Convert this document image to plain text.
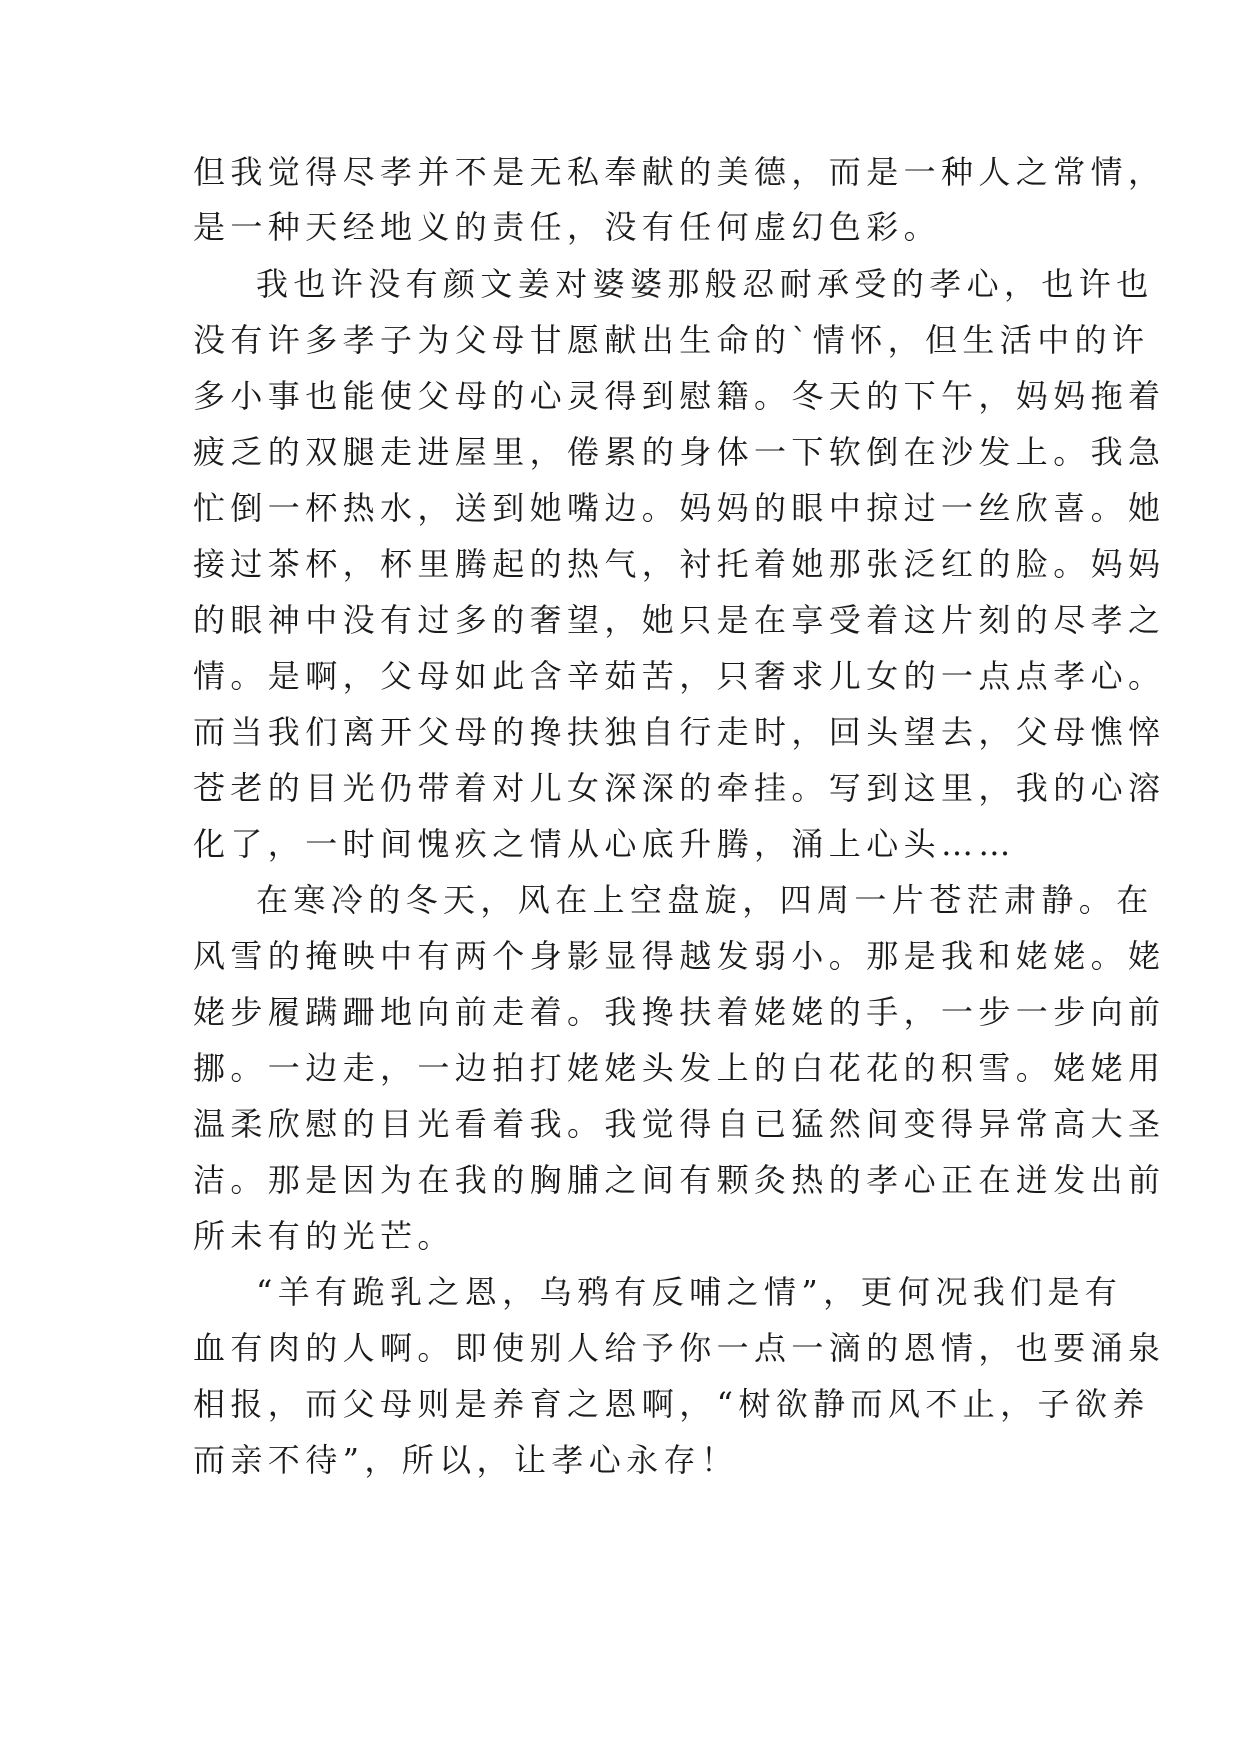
但我觉得尽孝并不是无私奉献的美德，而是一种人之常情，
是一种天经地义的责任，没有任何虚幻色彩。
我也许没有颜文姜对婆婆那般忍耐承受的孝心，也许也
没有许多孝子为父母甘愿献出生命的`情怀，但生活中的许
多小事也能使父母的心灵得到慰籍。冬天的下午，妈妈拖着
疲乏的双腿走进屋里，倦累的身体一下软倒在沙发上。我急
忙倒一杯热水，送到她嘴边。妈妈的眼中掠过一丝欣喜。她
接过茶杯，杯里腾起的热气，衬托着她那张泛红的脸。妈妈
的眼神中没有过多的奢望，她只是在享受着这片刻的尽孝之
情。是啊，父母如此含辛茹苦，只奢求儿女的一点点孝心。
而当我们离开父母的搀扶独自行走时，回头望去，父母憔悴
苍老的目光仍带着对儿女深深的牵挂。写到这里，我的心溶
化了，一时间愧疚之情从心底升腾，涌上心头……
在寒冷的冬天，风在上空盘旋，四周一片苍茫肃静。在
风雪的掩映中有两个身影显得越发弱小。那是我和姥姥。姥
姥步履蹒跚地向前走着。我搀扶着姥姥的手，一步一步向前
挪。一边走，一边拍打姥姥头发上的白花花的积雪。姥姥用
温柔欣慰的目光看着我。我觉得自已猛然间变得异常高大圣
洁。那是因为在我的胸脯之间有颗灸热的孝心正在迸发出前
所未有的光芒。
“羊有跪乳之恩，乌鸦有反哺之情”，更何况我们是有
血有肉的人啊。即使别人给予你一点一滴的恩情，也要涌泉
相报，而父母则是养育之恩啊，“树欲静而风不止，子欲养
而亲不待”，所以，让孝心永存！
